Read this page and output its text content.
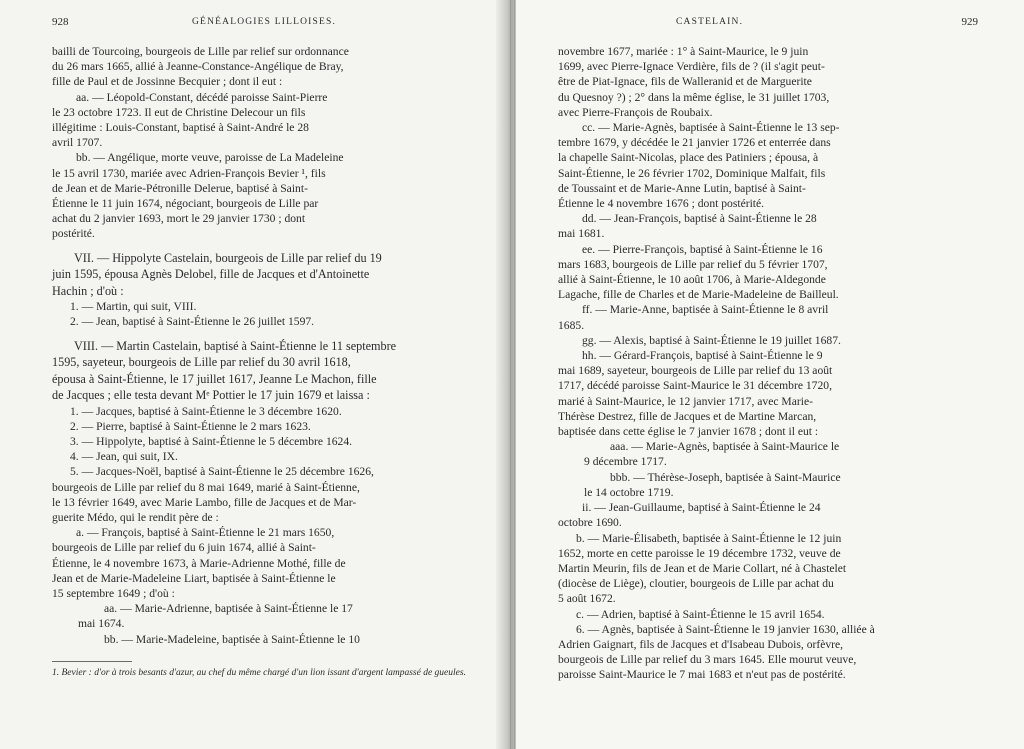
928	GÉNÉALOGIES LILLOISES.

bailli de Tourcoing, bourgeois de Lille par relief sur ordonnance

du 26 mars 1665, allié à Jeanne-Constance-Angélique de Bray,

fille de Paul et de Jossinne Becquier ; dont il eut :

aa. — Léopold-Constant, décédé paroisse Saint-Pierre

le 23 octobre 1723. Il eut de Christine Delecour un fils

illégitime : Louis-Constant, baptisé à Saint-André le 28

avril 1707.

bb. — Angélique, morte veuve, paroisse de La Madeleine

le 15 avril 1730, mariée avec Adrien-François Bevier ¹, fils

de Jean et de Marie-Pétronille Delerue, baptisé à Saint-

Étienne le 11 juin 1674, négociant, bourgeois de Lille par

achat du 2 janvier 1693, mort le 29 janvier 1730 ; dont

postérité.

VII. — Hippolyte Castelain, bourgeois de Lille par relief du 19

juin 1595, épousa Agnès Delobel, fille de Jacques et d'Antoinette

Hachin ; d'où :

1. — Martin, qui suit, VIII.

2. — Jean, baptisé à Saint-Étienne le 26 juillet 1597.

VIII. — Martin Castelain, baptisé à Saint-Étienne le 11 septembre

1595, sayeteur, bourgeois de Lille par relief du 30 avril 1618,

épousa à Saint-Étienne, le 17 juillet 1617, Jeanne Le Machon, fille

de Jacques ; elle testa devant Mᵉ Pottier le 17 juin 1679 et laissa :

1. — Jacques, baptisé à Saint-Étienne le 3 décembre 1620.

2. — Pierre, baptisé à Saint-Étienne le 2 mars 1623.

3. — Hippolyte, baptisé à Saint-Étienne le 5 décembre 1624.

4. — Jean, qui suit, IX.

5. — Jacques-Noël, baptisé à Saint-Étienne le 25 décembre 1626,

bourgeois de Lille par relief du 8 mai 1649, marié à Saint-Étienne,

le 13 février 1649, avec Marie Lambo, fille de Jacques et de Mar-

guerite Médo, qui le rendit père de :

a. — François, baptisé à Saint-Étienne le 21 mars 1650,

bourgeois de Lille par relief du 6 juin 1674, allié à Saint-

Étienne, le 4 novembre 1673, à Marie-Adrienne Mothé, fille de

Jean et de Marie-Madeleine Liart, baptisée à Saint-Étienne le

15 septembre 1649 ; d'où :

aa. — Marie-Adrienne, baptisée à Saint-Étienne le 17

mai 1674.

bb. — Marie-Madeleine, baptisée à Saint-Étienne le 10

1. Bevier : d'or à trois besants d'azur, au chef du même chargé d'un lion issant d'argent lampassé de gueules.

CASTELAIN.	929

novembre 1677, mariée : 1° à Saint-Maurice, le 9 juin

1699, avec Pierre-Ignace Verdière, fils de ? (il s'agit peut-

être de Piat-Ignace, fils de Walleranid et de Marguerite

du Quesnoy ?) ; 2° dans la même église, le 31 juillet 1703,

avec Pierre-François de Roubaix.

cc. — Marie-Agnès, baptisée à Saint-Étienne le 13 sep-

tembre 1679, y décédée le 21 janvier 1726 et enterrée dans

la chapelle Saint-Nicolas, place des Patiniers ; épousa, à

Saint-Étienne, le 26 février 1702, Dominique Malfait, fils

de Toussaint et de Marie-Anne Lutin, baptisé à Saint-

Étienne le 4 novembre 1676 ; dont postérité.

dd. — Jean-François, baptisé à Saint-Étienne le 28

mai 1681.

ee. — Pierre-François, baptisé à Saint-Étienne le 16

mars 1683, bourgeois de Lille par relief du 5 février 1707,

allié à Saint-Étienne, le 10 août 1706, à Marie-Aldegonde

Lagache, fille de Charles et de Marie-Madeleine de Bailleul.

ff. — Marie-Anne, baptisée à Saint-Étienne le 8 avril

1685.

gg. — Alexis, baptisé à Saint-Étienne le 19 juillet 1687.

hh. — Gérard-François, baptisé à Saint-Étienne le 9

mai 1689, sayeteur, bourgeois de Lille par relief du 13 août

1717, décédé paroisse Saint-Maurice le 31 décembre 1720,

marié à Saint-Maurice, le 12 janvier 1717, avec Marie-

Thérèse Destrez, fille de Jacques et de Martine Marcan,

baptisée dans cette église le 7 janvier 1678 ; dont il eut :

aaa. — Marie-Agnès, baptisée à Saint-Maurice le

9 décembre 1717.

bbb. — Thérèse-Joseph, baptisée à Saint-Maurice

le 14 octobre 1719.

ii. — Jean-Guillaume, baptisé à Saint-Étienne le 24

octobre 1690.

b. — Marie-Élisabeth, baptisée à Saint-Étienne le 12 juin

1652, morte en cette paroisse le 19 décembre 1732, veuve de

Martin Meurin, fils de Jean et de Marie Collart, né à Chastelet

(diocèse de Liège), cloutier, bourgeois de Lille par achat du

5 août 1672.

c. — Adrien, baptisé à Saint-Étienne le 15 avril 1654.

6. — Agnès, baptisée à Saint-Étienne le 19 janvier 1630, alliée à

Adrien Gaignart, fils de Jacques et d'Isabeau Dubois, orfèvre,

bourgeois de Lille par relief du 3 mars 1645. Elle mourut veuve,

paroisse Saint-Maurice le 7 mai 1683 et n'eut pas de postérité.
